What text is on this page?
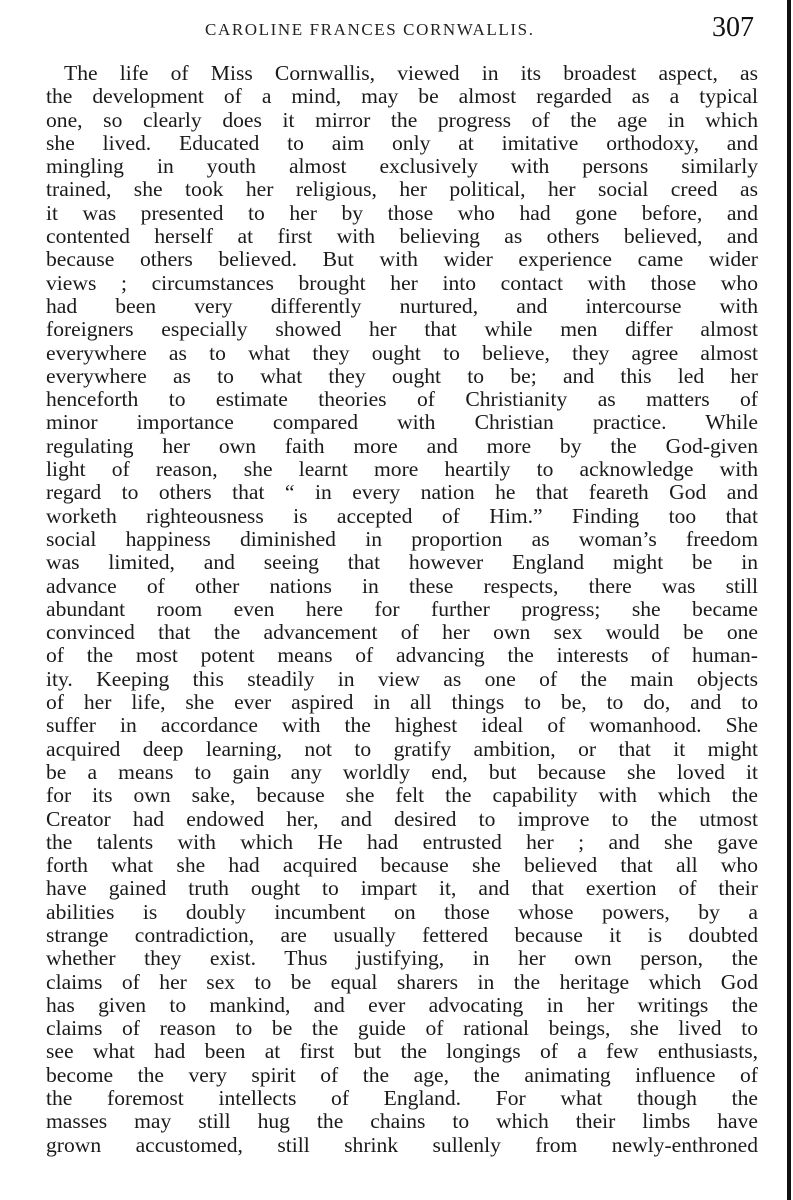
CAROLINE FRANCES CORNWALLIS.	307
The life of Miss Cornwallis, viewed in its broadest aspect, as
the development of a mind, may be almost regarded as a typical
one, so clearly does it mirror the progress of the age in which
she lived. Educated to aim only at imitative orthodoxy, and
mingling in youth almost exclusively with persons similarly
trained, she took her religious, her political, her social creed as
it was presented to her by those who had gone before, and
contented herself at first with believing as others believed, and
because others believed. But with wider experience came wider
views ; circumstances brought her into contact with those who
had been very differently nurtured, and intercourse with
foreigners especially showed her that while men differ almost
everywhere as to what they ought to believe, they agree almost
everywhere as to what they ought to be; and this led her
henceforth to estimate theories of Christianity as matters of
minor importance compared with Christian practice. While
regulating her own faith more and more by the God-given
light of reason, she learnt more heartily to acknowledge with
regard to others that “ in every nation he that feareth God and
worketh righteousness is accepted of Him.” Finding too that
social happiness diminished in proportion as woman’s freedom
was limited, and seeing that however England might be in
advance of other nations in these respects, there was still
abundant room even here for further progress; she became
convinced that the advancement of her own sex would be one
of the most potent means of advancing the interests of human-
ity. Keeping this steadily in view as one of the main objects
of her life, she ever aspired in all things to be, to do, and to
suffer in accordance with the highest ideal of womanhood. She
acquired deep learning, not to gratify ambition, or that it might
be a means to gain any worldly end, but because she loved it
for its own sake, because she felt the capability with which the
Creator had endowed her, and desired to improve to the utmost
the talents with which He had entrusted her ; and she gave
forth what she had acquired because she believed that all who
have gained truth ought to impart it, and that exertion of their
abilities is doubly incumbent on those whose powers, by a
strange contradiction, are usually fettered because it is doubted
whether they exist. Thus justifying, in her own person, the
claims of her sex to be equal sharers in the heritage which God
has given to mankind, and ever advocating in her writings the
claims of reason to be the guide of rational beings, she lived to
see what had been at first but the longings of a few enthusiasts,
become the very spirit of the age, the animating influence of
the foremost intellects of England. For what though the
masses may still hug the chains to which their limbs have
grown accustomed, still shrink sullenly from newly-enthroned
